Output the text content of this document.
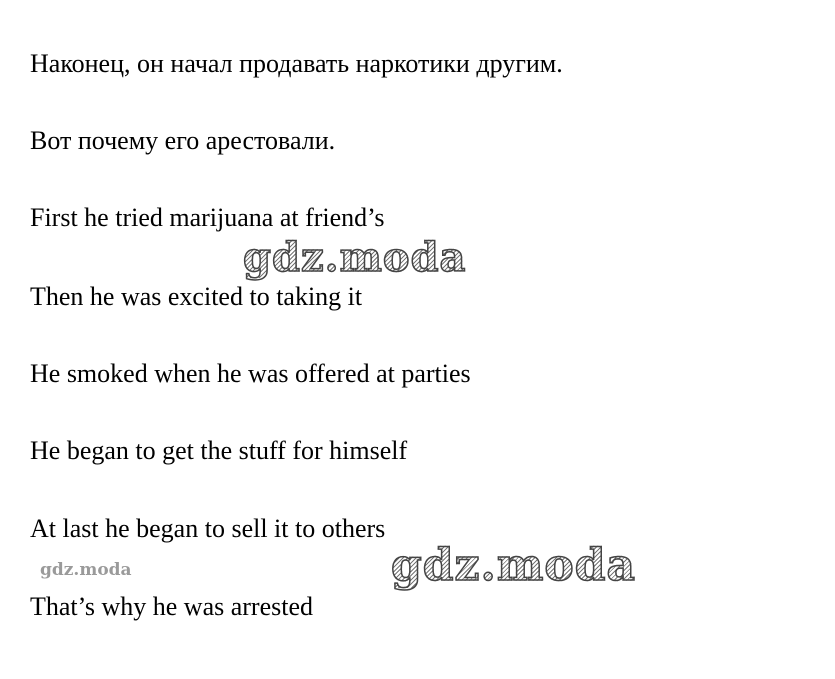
Наконец, он начал продавать наркотики другим.

Вот почему его арестовали.

First he tried marijuana at friend’s

Then he was excited to taking it

He smoked when he was offered at parties

He began to get the stuff for himself

At last he began to sell it to others

That’s why he was arrested

gdz.moda
gdz.moda
gdz.moda
